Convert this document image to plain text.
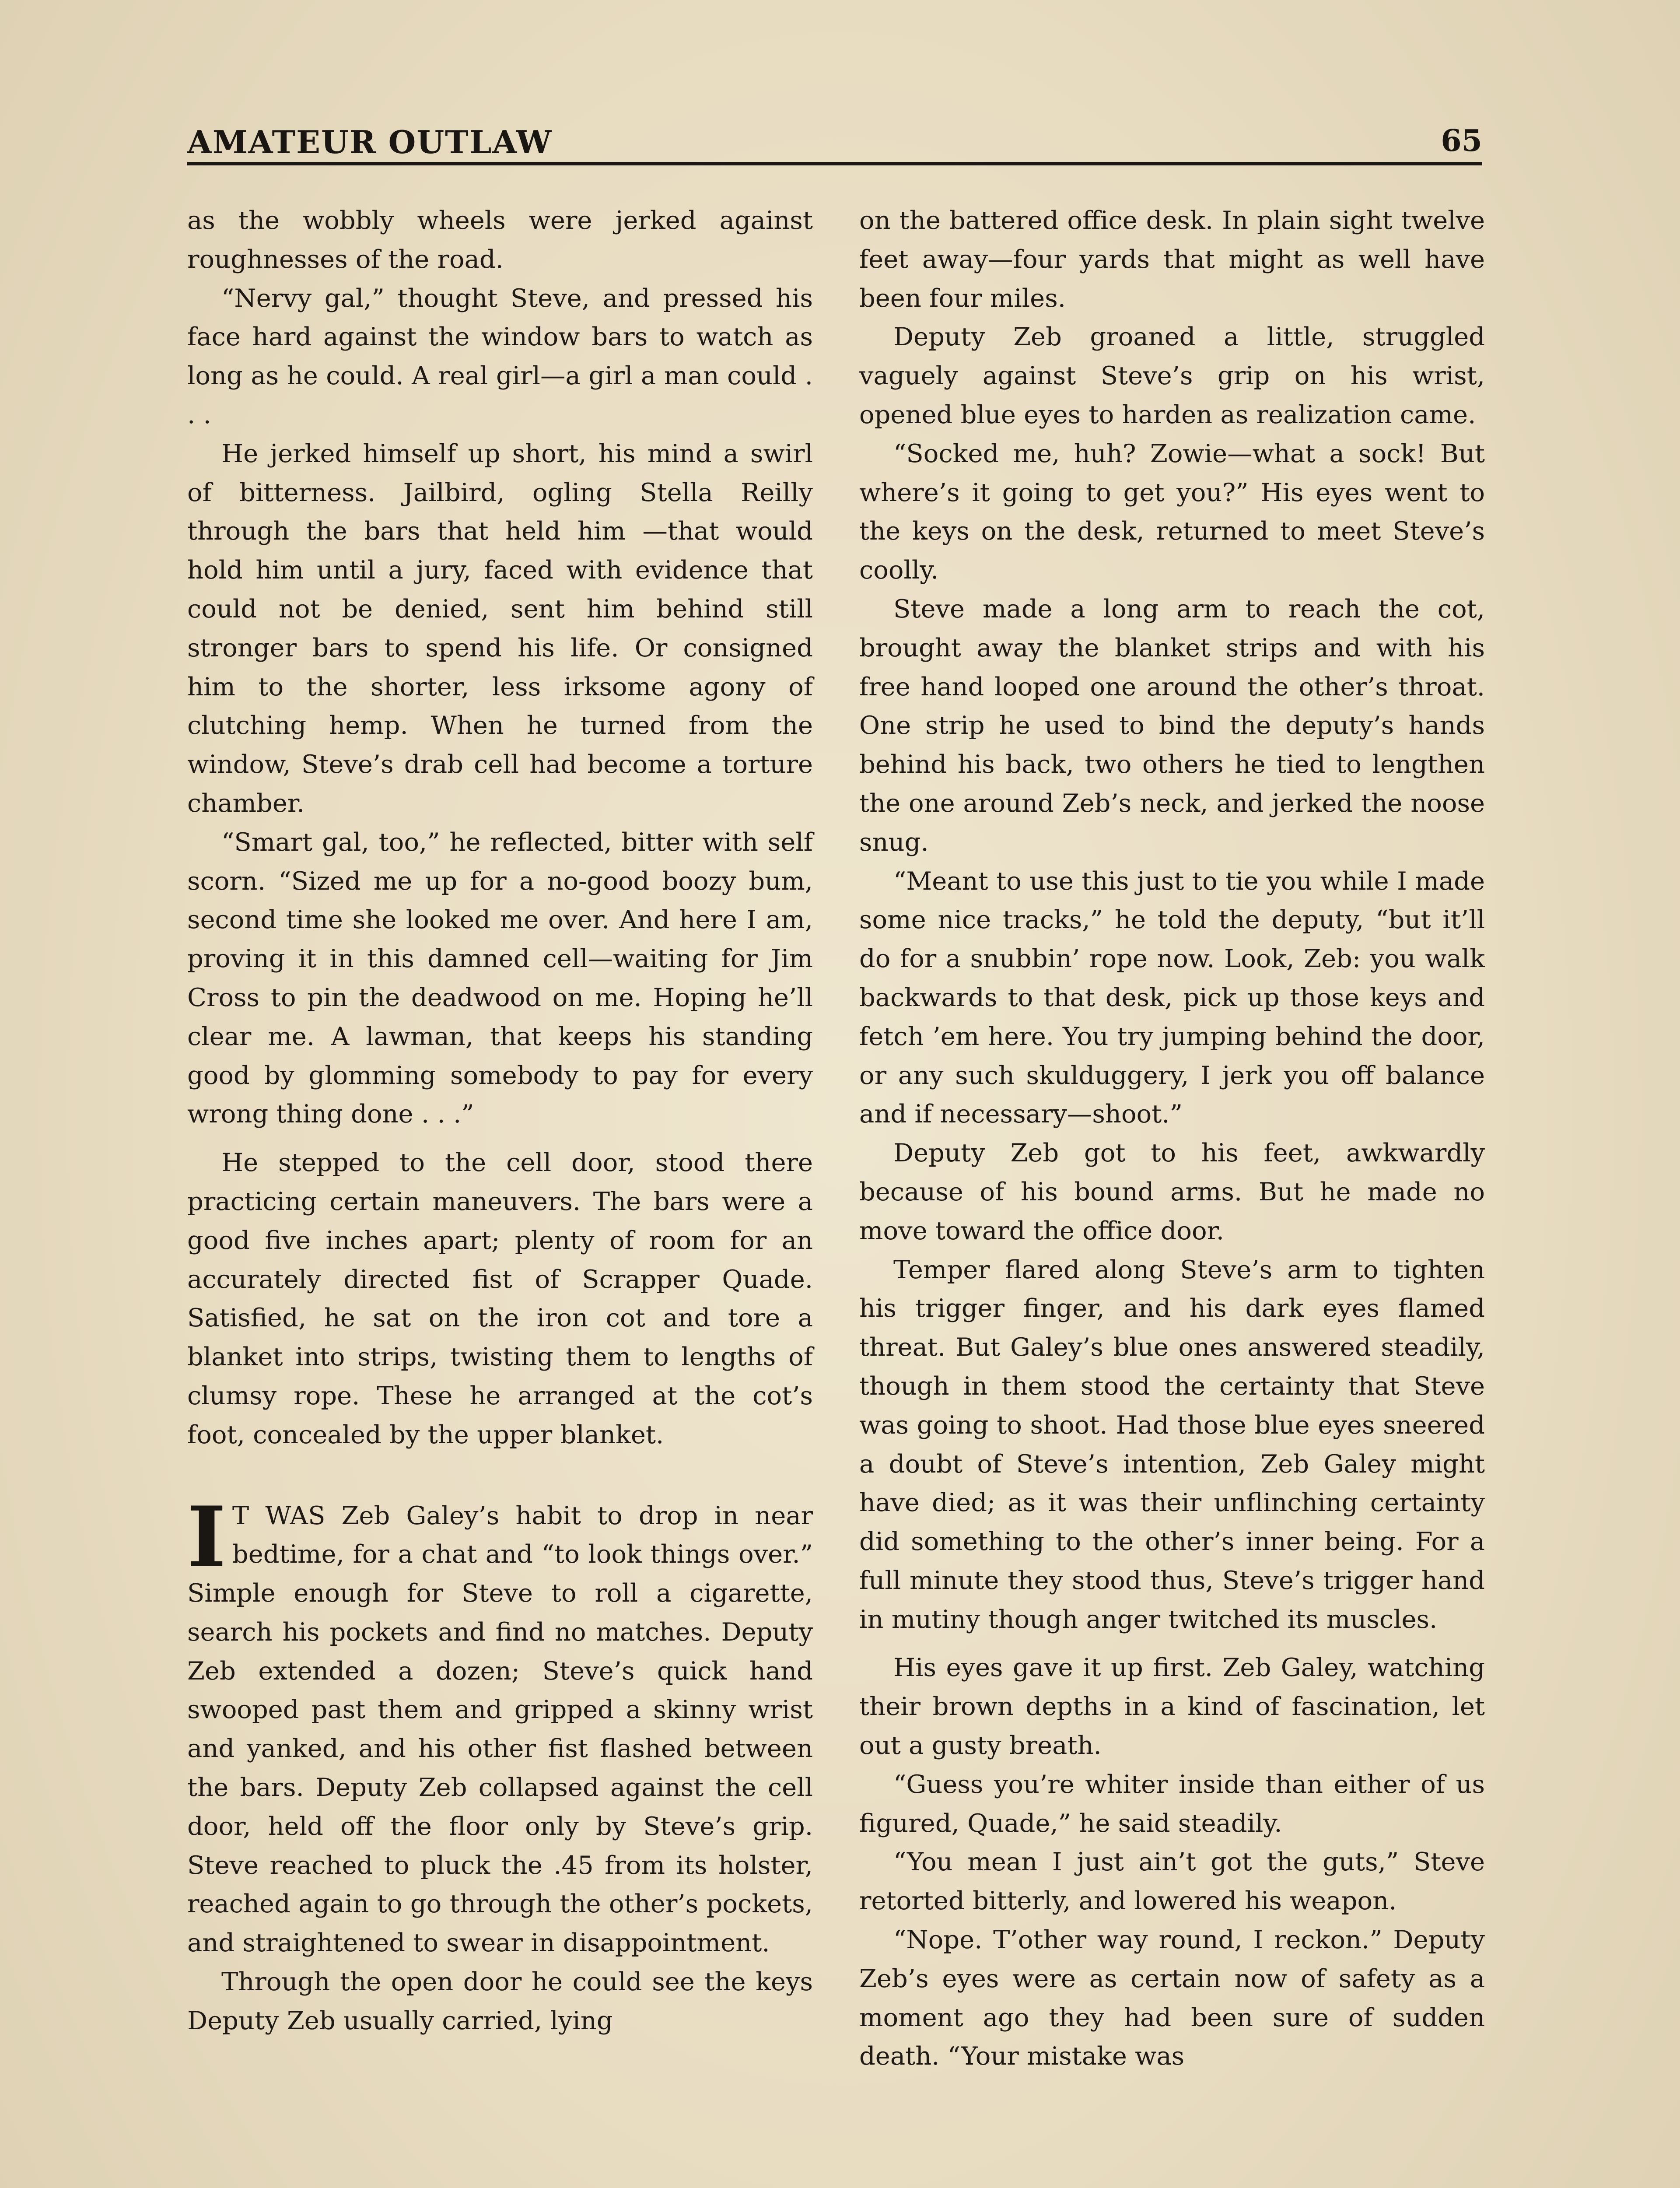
AMATEUR OUTLAW	65

as the wobbly wheels were jerked against roughnesses of the road.

“Nervy gal,” thought Steve, and pressed his face hard against the window bars to watch as long as he could. A real girl—a girl a man could . . .

He jerked himself up short, his mind a swirl of bitterness. Jailbird, ogling Stella Reilly through the bars that held him —that would hold him until a jury, faced with evidence that could not be denied, sent him behind still stronger bars to spend his life. Or consigned him to the shorter, less irksome agony of clutching hemp. When he turned from the window, Steve’s drab cell had become a torture chamber.

“Smart gal, too,” he reflected, bitter with self scorn. “Sized me up for a no-good boozy bum, second time she looked me over. And here I am, proving it in this damned cell—waiting for Jim Cross to pin the deadwood on me. Hoping he’ll clear me. A lawman, that keeps his standing good by glomming somebody to pay for every wrong thing done . . .”

He stepped to the cell door, stood there practicing certain maneuvers. The bars were a good five inches apart; plenty of room for an accurately directed fist of Scrapper Quade. Satisfied, he sat on the iron cot and tore a blanket into strips, twisting them to lengths of clumsy rope. These he arranged at the cot’s foot, concealed by the upper blanket.

I T WAS Zeb Galey’s habit to drop in near bedtime, for a chat and “to look things over.” Simple enough for Steve to roll a cigarette, search his pockets and find no matches. Deputy Zeb extended a dozen; Steve’s quick hand swooped past them and gripped a skinny wrist and yanked, and his other fist flashed between the bars. Deputy Zeb collapsed against the cell door, held off the floor only by Steve’s grip. Steve reached to pluck the .45 from its holster, reached again to go through the other’s pockets, and straightened to swear in disappointment.

Through the open door he could see the keys Deputy Zeb usually carried, lying

on the battered office desk. In plain sight twelve feet away—four yards that might as well have been four miles.

Deputy Zeb groaned a little, struggled vaguely against Steve’s grip on his wrist, opened blue eyes to harden as realization came.

“Socked me, huh? Zowie—what a sock! But where’s it going to get you?” His eyes went to the keys on the desk, returned to meet Steve’s coolly.

Steve made a long arm to reach the cot, brought away the blanket strips and with his free hand looped one around the other’s throat. One strip he used to bind the deputy’s hands behind his back, two others he tied to lengthen the one around Zeb’s neck, and jerked the noose snug.

“Meant to use this just to tie you while I made some nice tracks,” he told the deputy, “but it’ll do for a snubbin’ rope now. Look, Zeb: you walk backwards to that desk, pick up those keys and fetch ’em here. You try jumping behind the door, or any such skulduggery, I jerk you off balance and if necessary—shoot.”

Deputy Zeb got to his feet, awkwardly because of his bound arms. But he made no move toward the office door.

Temper flared along Steve’s arm to tighten his trigger finger, and his dark eyes flamed threat. But Galey’s blue ones answered steadily, though in them stood the certainty that Steve was going to shoot. Had those blue eyes sneered a doubt of Steve’s intention, Zeb Galey might have died; as it was their unflinching certainty did something to the other’s inner being. For a full minute they stood thus, Steve’s trigger hand in mutiny though anger twitched its muscles.

His eyes gave it up first. Zeb Galey, watching their brown depths in a kind of fascination, let out a gusty breath.

“Guess you’re whiter inside than either of us figured, Quade,” he said steadily.

“You mean I just ain’t got the guts,” Steve retorted bitterly, and lowered his weapon.

“Nope. T’other way round, I reckon.” Deputy Zeb’s eyes were as certain now of safety as a moment ago they had been sure of sudden death. “Your mistake was
